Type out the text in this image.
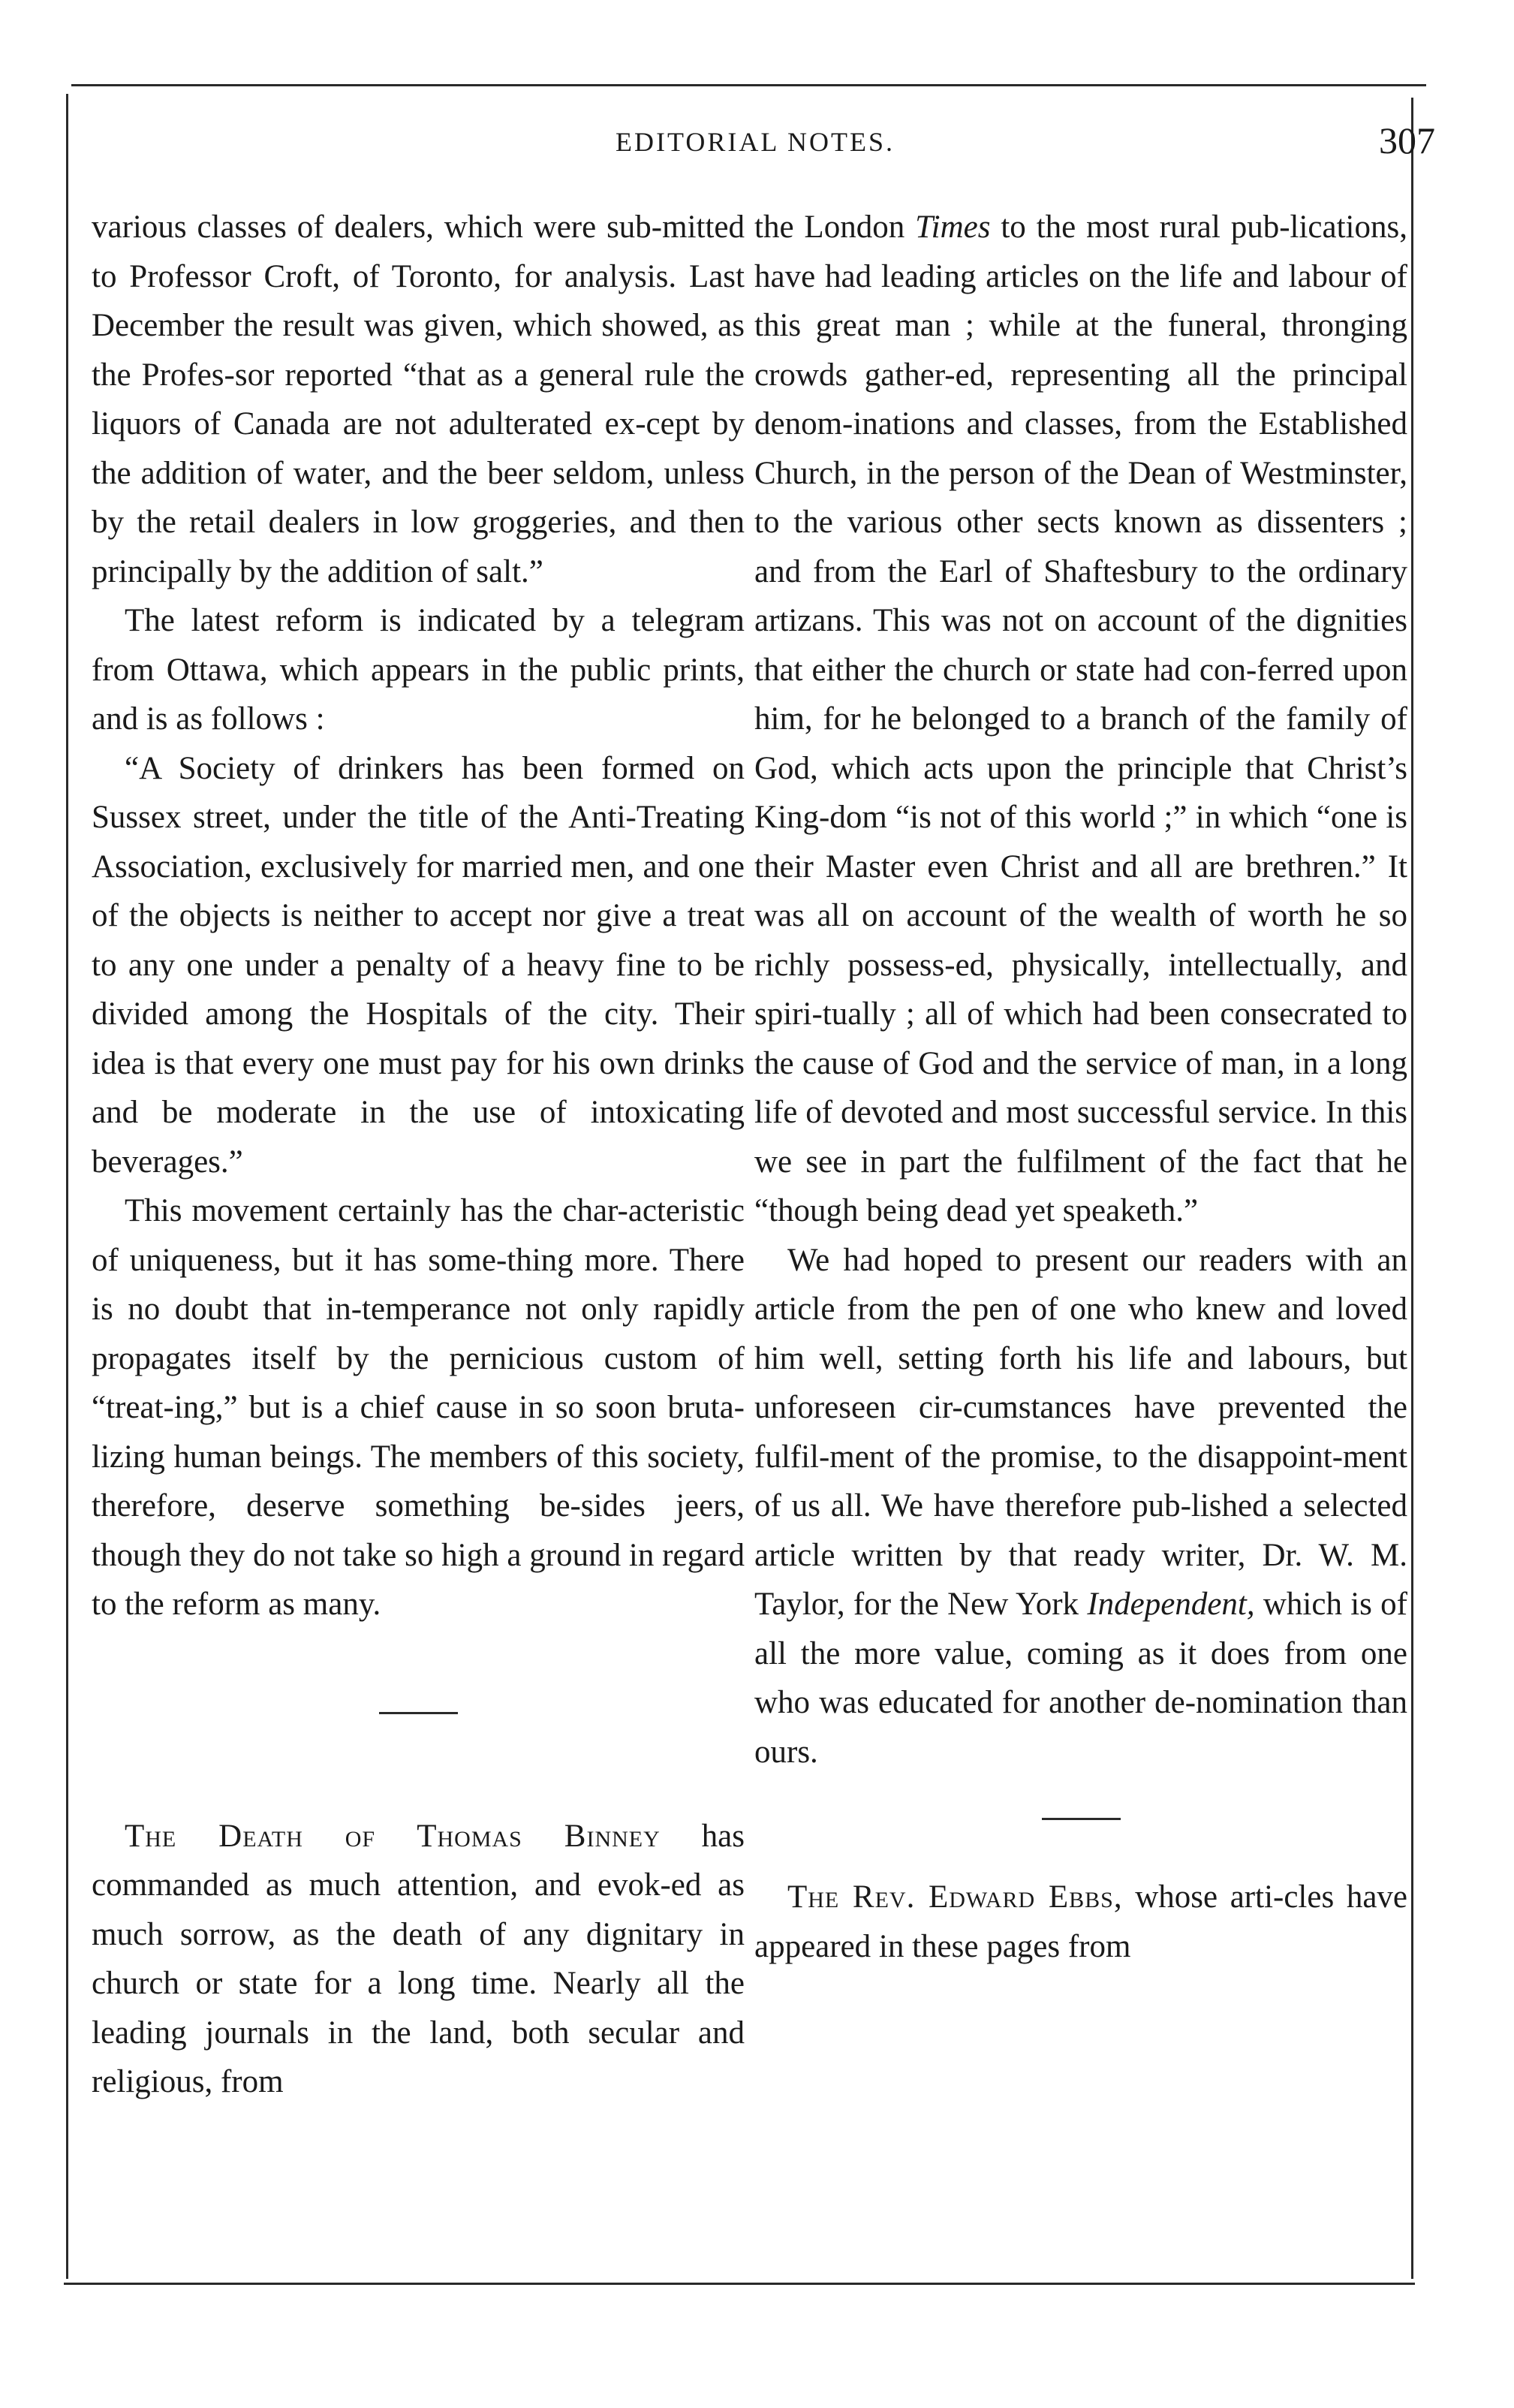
EDITORIAL NOTES.	307

various classes of dealers, which were sub-mitted to Professor Croft, of Toronto, for analysis. Last December the result was given, which showed, as the Profes-sor reported “that as a general rule the liquors of Canada are not adulterated ex-cept by the addition of water, and the beer seldom, unless by the retail dealers in low groggeries, and then principally by the addition of salt.”

The latest reform is indicated by a telegram from Ottawa, which appears in the public prints, and is as follows :

“A Society of drinkers has been formed on Sussex street, under the title of the Anti-Treating Association, exclusively for married men, and one of the objects is neither to accept nor give a treat to any one under a penalty of a heavy fine to be divided among the Hospitals of the city. Their idea is that every one must pay for his own drinks and be moderate in the use of intoxicating beverages.”

This movement certainly has the char-acteristic of uniqueness, but it has some-thing more. There is no doubt that in-temperance not only rapidly propagates itself by the pernicious custom of “treat-ing,” but is a chief cause in so soon bruta-lizing human beings. The members of this society, therefore, deserve something be-sides jeers, though they do not take so high a ground in regard to the reform as many.

The Death of Thomas Binney has commanded as much attention, and evok-ed as much sorrow, as the death of any dignitary in church or state for a long time. Nearly all the leading journals in the land, both secular and religious, from

the London Times to the most rural pub-lications, have had leading articles on the life and labour of this great man ; while at the funeral, thronging crowds gather-ed, representing all the principal denom-inations and classes, from the Established Church, in the person of the Dean of Westminster, to the various other sects known as dissenters ; and from the Earl of Shaftesbury to the ordinary artizans. This was not on account of the dignities that either the church or state had con-ferred upon him, for he belonged to a branch of the family of God, which acts upon the principle that Christ’s King-dom “is not of this world ;” in which “one is their Master even Christ and all are brethren.” It was all on account of the wealth of worth he so richly possess-ed, physically, intellectually, and spiri-tually ; all of which had been consecrated to the cause of God and the service of man, in a long life of devoted and most successful service. In this we see in part the fulfilment of the fact that he “though being dead yet speaketh.”

We had hoped to present our readers with an article from the pen of one who knew and loved him well, setting forth his life and labours, but unforeseen cir-cumstances have prevented the fulfil-ment of the promise, to the disappoint-ment of us all. We have therefore pub-lished a selected article written by that ready writer, Dr. W. M. Taylor, for the New York Independent, which is of all the more value, coming as it does from one who was educated for another de-nomination than ours.

The Rev. Edward Ebbs, whose arti-cles have appeared in these pages from
